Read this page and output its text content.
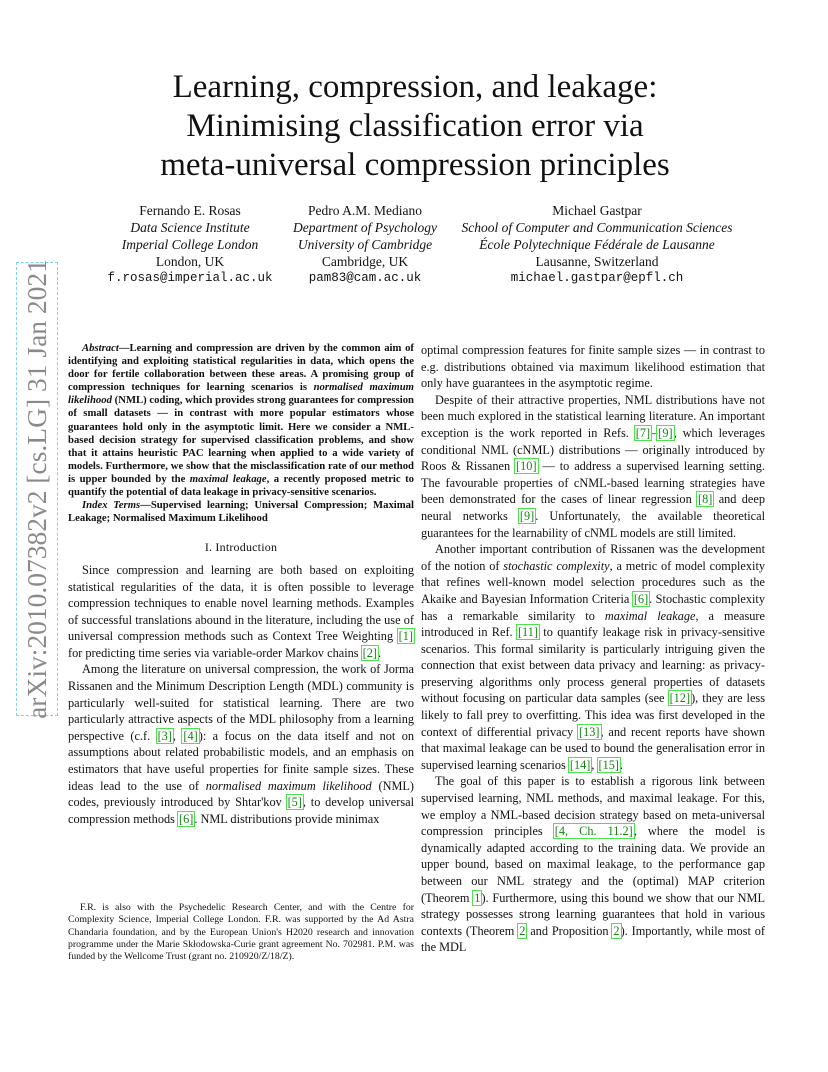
arXiv:2010.07382v2 [cs.LG] 31 Jan 2021
Learning, compression, and leakage:
Minimising classification error via
meta-universal compression principles
Fernando E. Rosas
Data Science Institute
Imperial College London
London, UK
f.rosas@imperial.ac.uk
Pedro A.M. Mediano
Department of Psychology
University of Cambridge
Cambridge, UK
pam83@cam.ac.uk
Michael Gastpar
School of Computer and Communication Sciences
École Polytechnique Fédérale de Lausanne
Lausanne, Switzerland
michael.gastpar@epfl.ch

Abstract—Learning and compression are driven by the common aim of identifying and exploiting statistical regularities in data, which opens the door for fertile collaboration between these areas. A promising group of compression techniques for learning scenarios is normalised maximum likelihood (NML) coding, which provides strong guarantees for compression of small datasets — in contrast with more popular estimators whose guarantees hold only in the asymptotic limit. Here we consider a NML-based decision strategy for supervised classification problems, and show that it attains heuristic PAC learning when applied to a wide variety of models. Furthermore, we show that the misclassification rate of our method is upper bounded by the maximal leakage, a recently proposed metric to quantify the potential of data leakage in privacy-sensitive scenarios.

Index Terms—Supervised learning; Universal Compression; Maximal Leakage; Normalised Maximum Likelihood

I. Introduction

Since compression and learning are both based on exploiting statistical regularities of the data, it is often possible to leverage compression techniques to enable novel learning methods. Examples of successful translations abound in the literature, including the use of universal compression methods such as Context Tree Weighting [1] for predicting time series via variable-order Markov chains [2].

Among the literature on universal compression, the work of Jorma Rissanen and the Minimum Description Length (MDL) community is particularly well-suited for statistical learning. There are two particularly attractive aspects of the MDL philosophy from a learning perspective (c.f. [3], [4]): a focus on the data itself and not on assumptions about related probabilistic models, and an emphasis on estimators that have useful properties for finite sample sizes. These ideas lead to the use of normalised maximum likelihood (NML) codes, previously introduced by Shtar'kov [5], to develop universal compression methods [6]. NML distributions provide minimax

F.R. is also with the Psychedelic Research Center, and with the Centre for Complexity Science, Imperial College London. F.R. was supported by the Ad Astra Chandaria foundation, and by the European Union's H2020 research and innovation programme under the Marie Skłodowska-Curie grant agreement No. 702981. P.M. was funded by the Wellcome Trust (grant no. 210920/Z/18/Z).

optimal compression features for finite sample sizes — in contrast to e.g. distributions obtained via maximum likelihood estimation that only have guarantees in the asymptotic regime.

Despite of their attractive properties, NML distributions have not been much explored in the statistical learning literature. An important exception is the work reported in Refs. [7]–[9], which leverages conditional NML (cNML) distributions — originally introduced by Roos & Rissanen [10] — to address a supervised learning setting. The favourable properties of cNML-based learning strategies have been demonstrated for the cases of linear regression [8] and deep neural networks [9]. Unfortunately, the available theoretical guarantees for the learnability of cNML models are still limited.

Another important contribution of Rissanen was the development of the notion of stochastic complexity, a metric of model complexity that refines well-known model selection procedures such as the Akaike and Bayesian Information Criteria [6]. Stochastic complexity has a remarkable similarity to maximal leakage, a measure introduced in Ref. [11] to quantify leakage risk in privacy-sensitive scenarios. This formal similarity is particularly intriguing given the connection that exist between data privacy and learning: as privacy-preserving algorithms only process general properties of datasets without focusing on particular data samples (see [12]), they are less likely to fall prey to overfitting. This idea was first developed in the context of differential privacy [13], and recent reports have shown that maximal leakage can be used to bound the generalisation error in supervised learning scenarios [14], [15].

The goal of this paper is to establish a rigorous link between supervised learning, NML methods, and maximal leakage. For this, we employ a NML-based decision strategy based on meta-universal compression principles [4, Ch. 11.2], where the model is dynamically adapted according to the training data. We provide an upper bound, based on maximal leakage, to the performance gap between our NML strategy and the (optimal) MAP criterion (Theorem 1). Furthermore, using this bound we show that our NML strategy possesses strong learning guarantees that hold in various contexts (Theorem 2 and Proposition 2). Importantly, while most of the MDL
